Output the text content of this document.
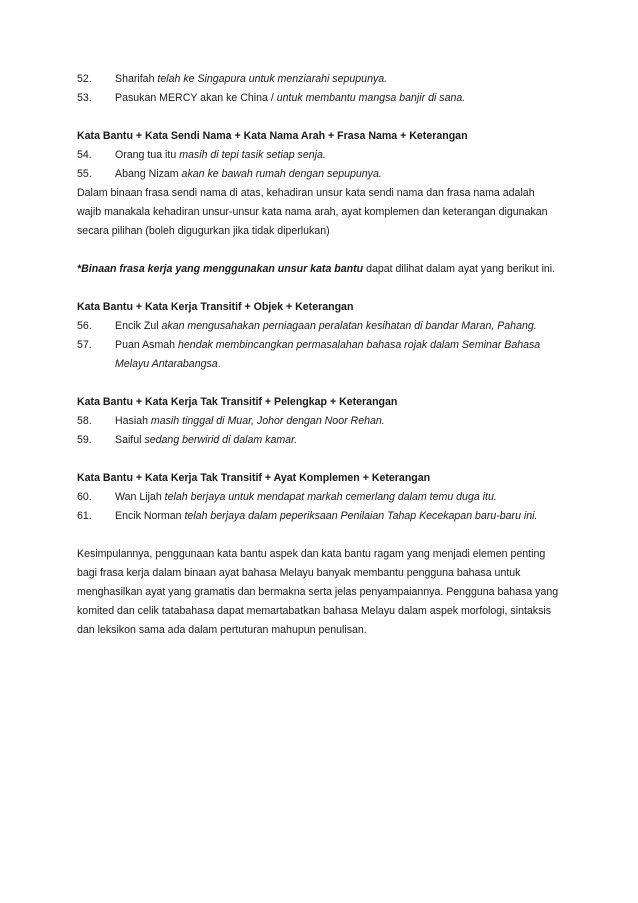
52.	Sharifah telah ke Singapura untuk menziarahi sepupunya.
53.	Pasukan MERCY akan ke China / untuk membantu mangsa banjir di sana.
Kata Bantu + Kata Sendi Nama + Kata Nama Arah + Frasa Nama + Keterangan
54.	Orang tua itu masih di tepi tasik setiap senja.
55.	Abang Nizam akan ke bawah rumah dengan sepupunya.
Dalam binaan frasa sendi nama di atas, kehadiran unsur kata sendi nama dan frasa nama adalah
wajib manakala kehadiran unsur-unsur kata nama arah, ayat komplemen dan keterangan digunakan
secara pilihan (boleh digugurkan jika tidak diperlukan)
*Binaan frasa kerja yang menggunakan unsur kata bantu dapat dilihat dalam ayat yang berikut ini.
Kata Bantu + Kata Kerja Transitif + Objek + Keterangan
56.	Encik Zul akan mengusahakan perniagaan peralatan kesihatan di bandar Maran, Pahang.
57.	Puan Asmah hendak membincangkan permasalahan bahasa rojak dalam Seminar Bahasa
Melayu Antarabangsa.
Kata Bantu + Kata Kerja Tak Transitif + Pelengkap + Keterangan
58.	Hasiah masih tinggal di Muar, Johor dengan Noor Rehan.
59.	Saiful sedang berwirid di dalam kamar.
Kata Bantu + Kata Kerja Tak Transitif + Ayat Komplemen + Keterangan
60.	Wan Lijah telah berjaya untuk mendapat markah cemerlang dalam temu duga itu.
61.	Encik Norman telah berjaya dalam peperiksaan Penilaian Tahap Kecekapan baru-baru ini.
Kesimpulannya, penggunaan kata bantu aspek dan kata bantu ragam yang menjadi elemen penting
bagi frasa kerja dalam binaan ayat bahasa Melayu banyak membantu pengguna bahasa untuk
menghasilkan ayat yang gramatis dan bermakna serta jelas penyampaiannya. Pengguna bahasa yang
komited dan celik tatabahasa dapat memartabatkan bahasa Melayu dalam aspek morfologi, sintaksis
dan leksikon sama ada dalam pertuturan mahupun penulisan.
